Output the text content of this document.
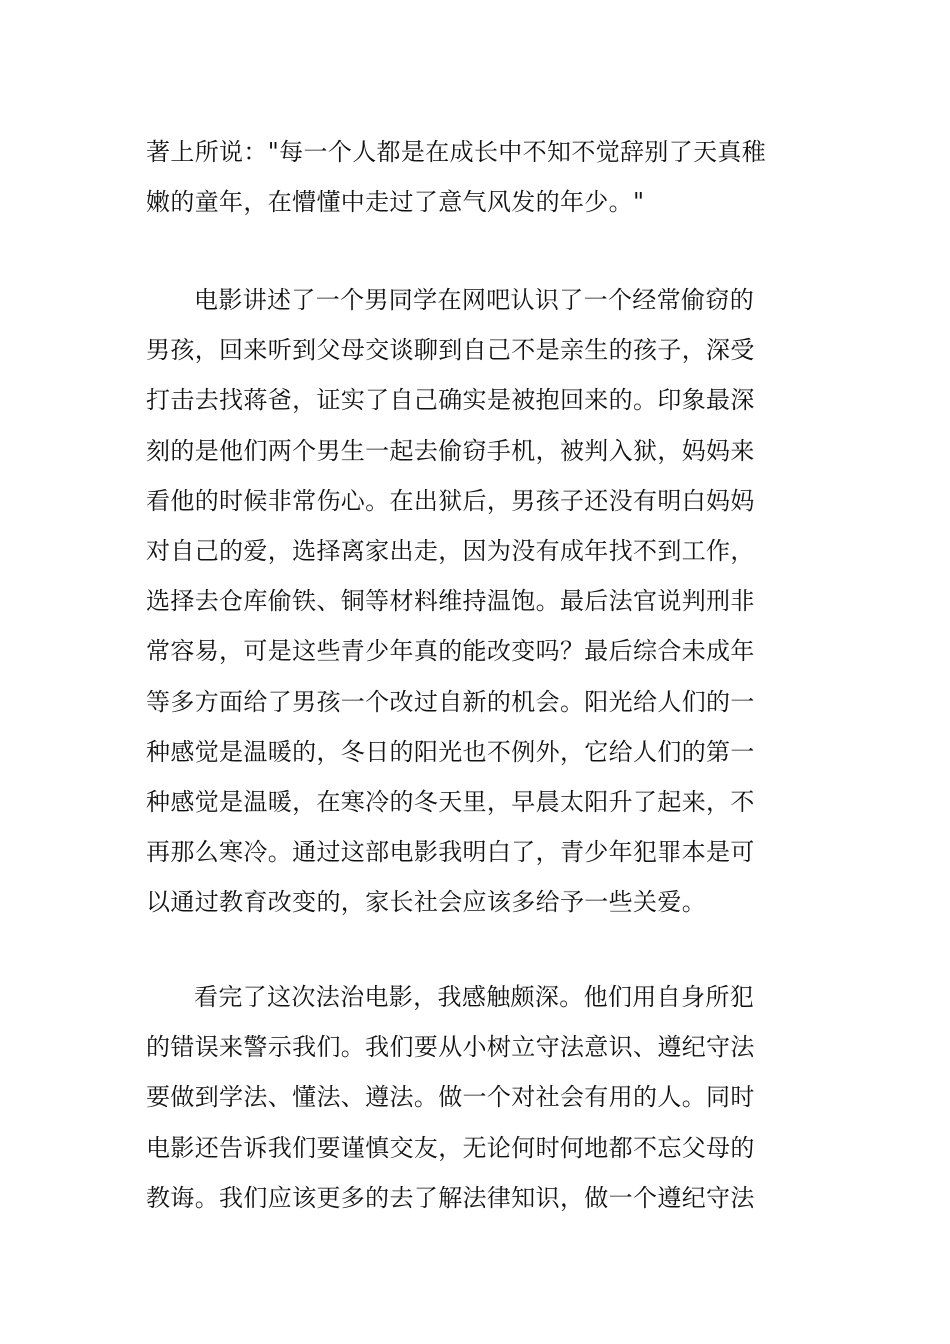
著上所说："每一个人都是在成长中不知不觉辞别了天真稚
嫩的童年，在懵懂中走过了意气风发的年少。"

电影讲述了一个男同学在网吧认识了一个经常偷窃的
男孩，回来听到父母交谈聊到自己不是亲生的孩子，深受
打击去找蒋爸，证实了自己确实是被抱回来的。印象最深
刻的是他们两个男生一起去偷窃手机，被判入狱，妈妈来
看他的时候非常伤心。在出狱后，男孩子还没有明白妈妈
对自己的爱，选择离家出走，因为没有成年找不到工作，
选择去仓库偷铁、铜等材料维持温饱。最后法官说判刑非
常容易，可是这些青少年真的能改变吗？最后综合未成年
等多方面给了男孩一个改过自新的机会。阳光给人们的一
种感觉是温暖的，冬日的阳光也不例外，它给人们的第一
种感觉是温暖，在寒冷的冬天里，早晨太阳升了起来，不
再那么寒冷。通过这部电影我明白了，青少年犯罪本是可
以通过教育改变的，家长社会应该多给予一些关爱。

看完了这次法治电影，我感触颇深。他们用自身所犯
的错误来警示我们。我们要从小树立守法意识、遵纪守法
要做到学法、懂法、遵法。做一个对社会有用的人。同时
电影还告诉我们要谨慎交友，无论何时何地都不忘父母的
教诲。我们应该更多的去了解法律知识，做一个遵纪守法
